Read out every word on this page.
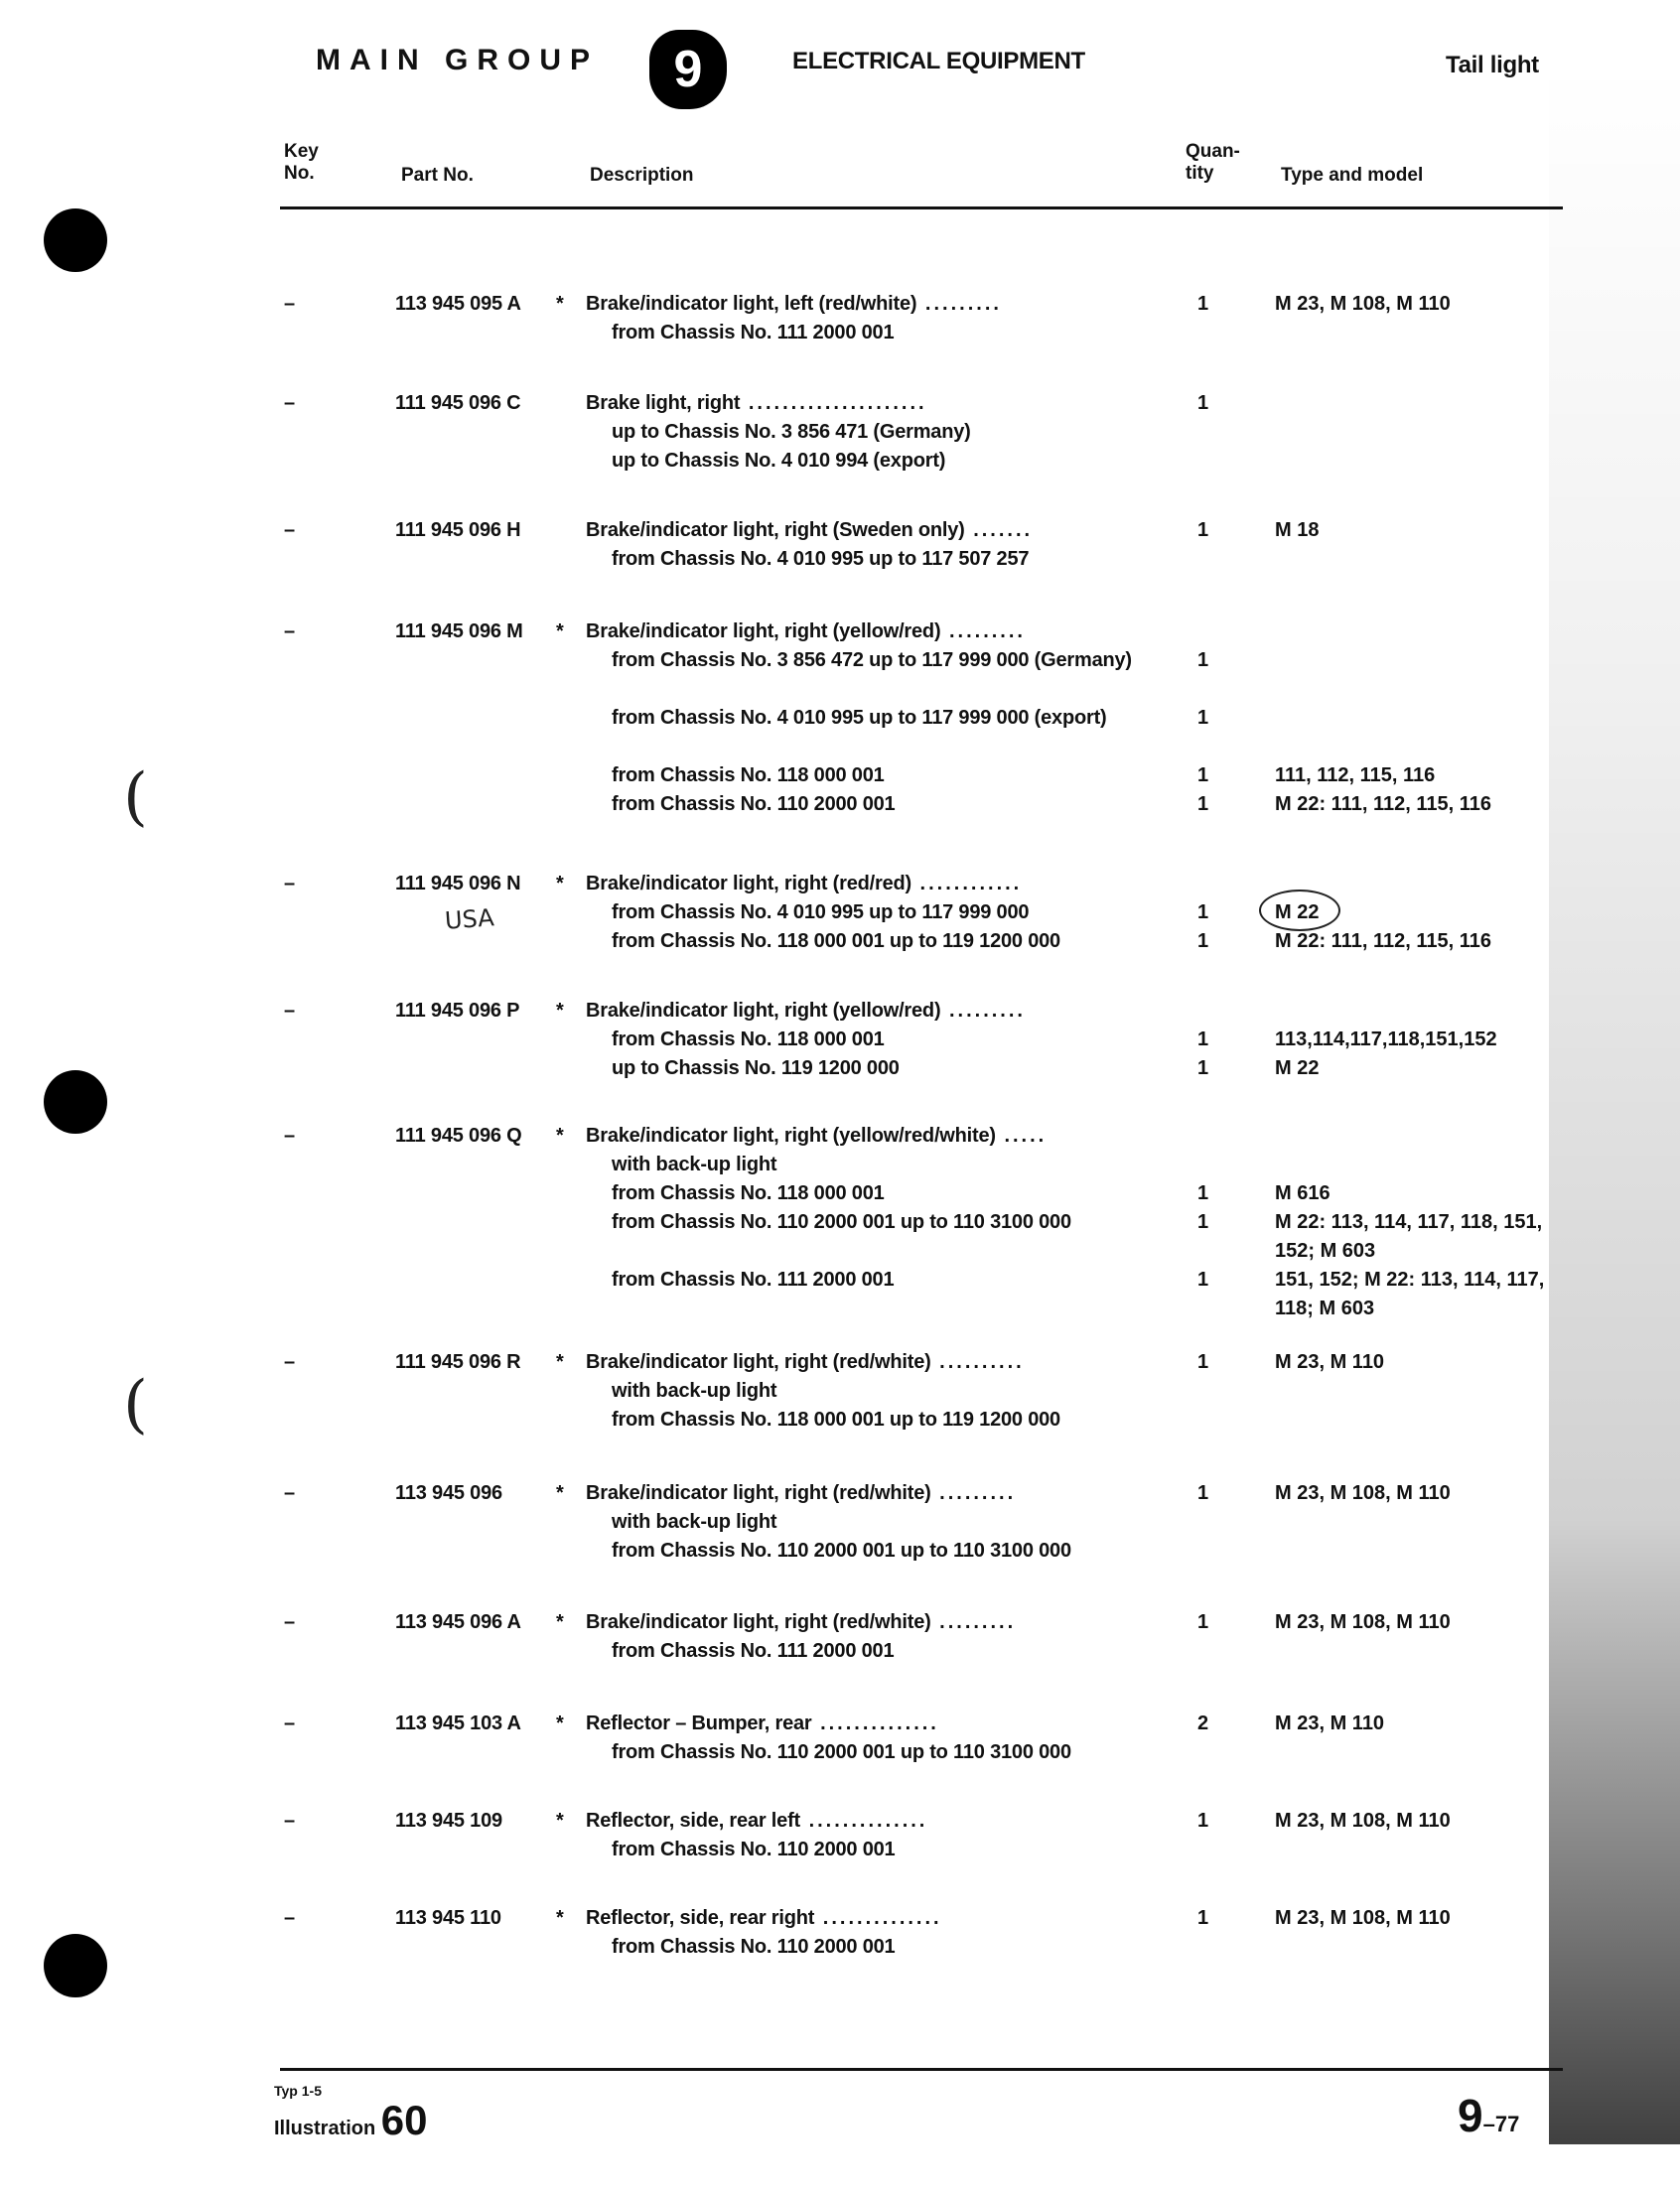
(
(
MAIN GROUP	9	ELECTRICAL EQUIPMENT	Tail light
Key No.	Part No.	Description
Quan- tity	Type and model
–	113 945 095 A * Brake/indicator light, left (red/white) .........	1	M 23, M 108, M 110
from Chassis No. 111 2000 001
–	111 945 096 C	Brake light, right .....................	1
up to Chassis No. 3 856 471 (Germany)
up to Chassis No. 4 010 994 (export)
–	111 945 096 H	Brake/indicator light, right (Sweden only) .......	1	M 18
from Chassis No. 4 010 995 up to 117 507 257
–	111 945 096 M * Brake/indicator light, right (yellow/red) .........
from Chassis No. 3 856 472 up to 117 999 000 (Germany)	1
from Chassis No. 4 010 995 up to 117 999 000 (export)	1
from Chassis No. 118 000 001	1	111, 112, 115, 116
from Chassis No. 110 2000 001	1	M 22: 111, 112, 115, 116
–	111 945 096 N * Brake/indicator light, right (red/red) ............
from Chassis No. 4 010 995 up to 117 999 000	1	M 22
from Chassis No. 118 000 001 up to 119 1200 000	1	M 22: 111, 112, 115, 116
–	111 945 096 P * Brake/indicator light, right (yellow/red) .........
from Chassis No. 118 000 001	1	113,114,117,118,151,152
up to Chassis No. 119 1200 000	1	M 22
–	111 945 096 Q * Brake/indicator light, right (yellow/red/white) .....
with back-up light
from Chassis No. 118 000 001	1	M 616
from Chassis No. 110 2000 001 up to 110 3100 000	1	M 22: 113, 114, 117, 118, 151, 152; M 603
from Chassis No. 111 2000 001	1	151, 152; M 22: 113, 114, 117, 118; M 603
–	111 945 096 R * Brake/indicator light, right (red/white) ..........	1	M 23, M 110
with back-up light
from Chassis No. 118 000 001 up to 119 1200 000
–	113 945 096	* Brake/indicator light, right (red/white) .........	1	M 23, M 108, M 110
with back-up light
from Chassis No. 110 2000 001 up to 110 3100 000
–	113 945 096 A * Brake/indicator light, right (red/white) .........	1	M 23, M 108, M 110
from Chassis No. 111 2000 001
–	113 945 103 A * Reflector – Bumper, rear ..............	2	M 23, M 110
from Chassis No. 110 2000 001 up to 110 3100 000
–	113 945 109	* Reflector, side, rear left ..............	1	M 23, M 108, M 110
from Chassis No. 110 2000 001
–	113 945 110	* Reflector, side, rear right ..............	1	M 23, M 108, M 110
from Chassis No. 110 2000 001
USA
Typ 1-5
Illustration 60	9–77
